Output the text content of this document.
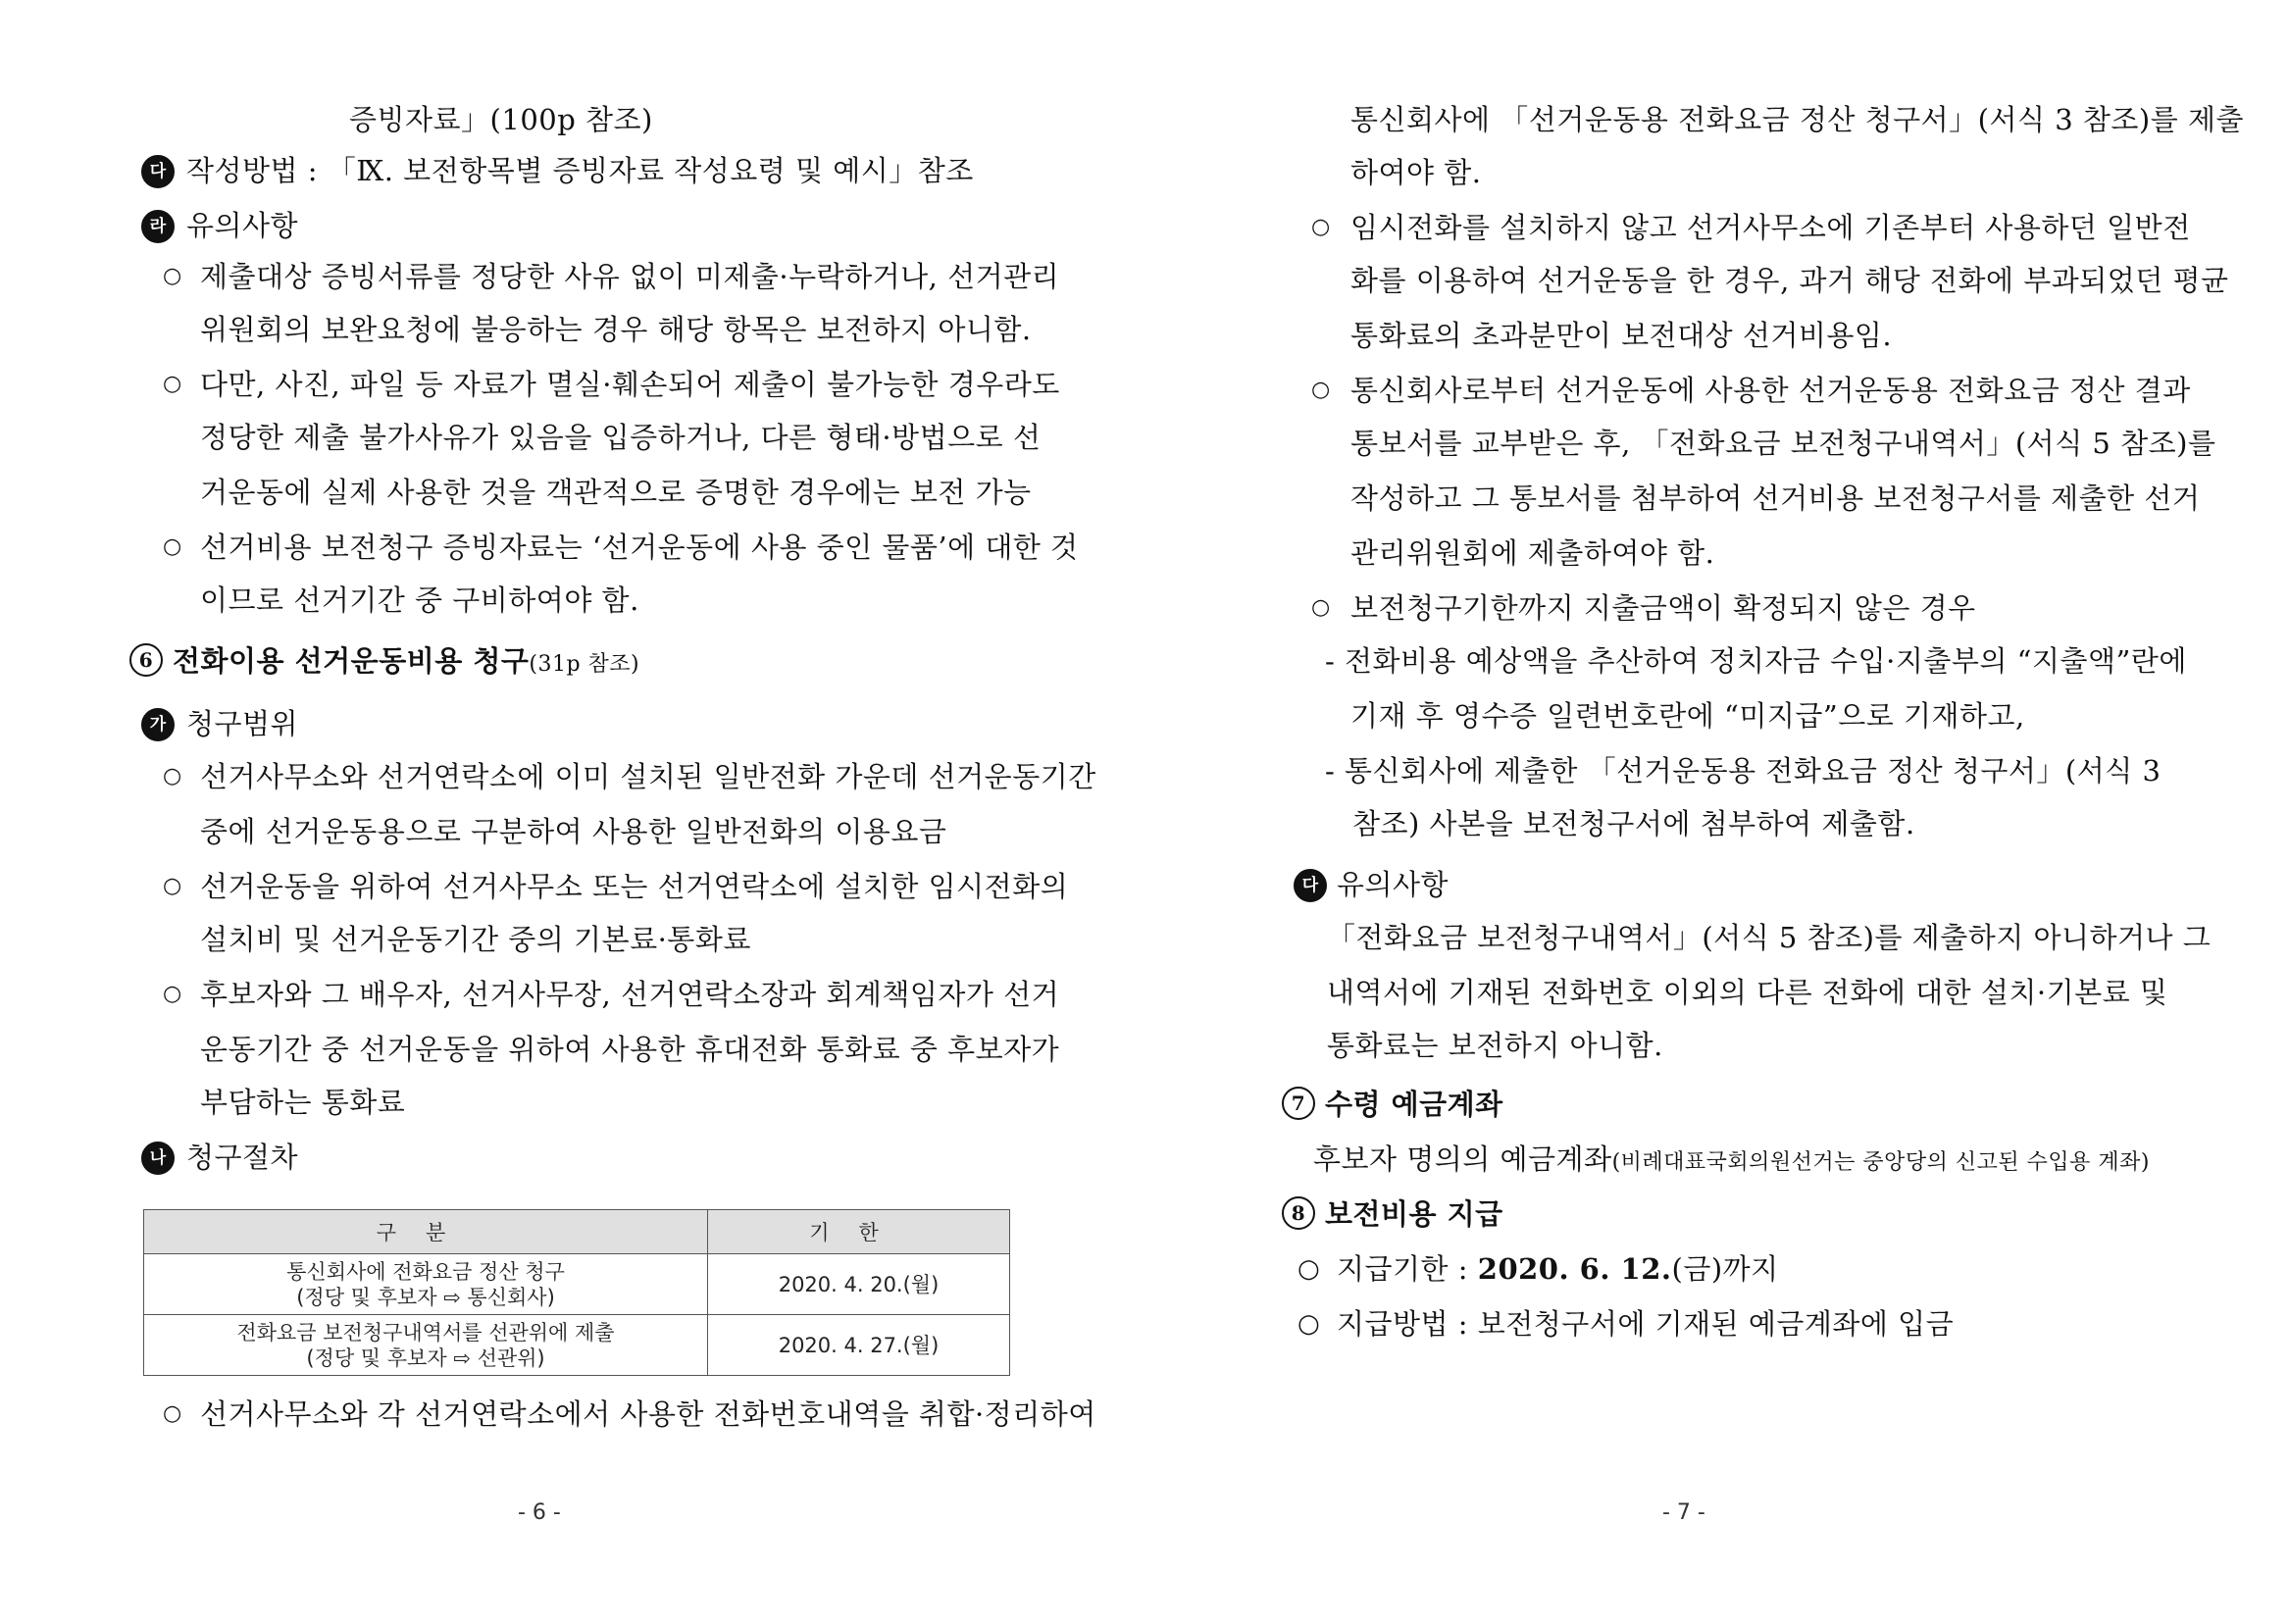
증빙자료」(100p 참조)
다 작성방법 : 「Ⅸ. 보전항목별 증빙자료 작성요령 및 예시」참조
라 유의사항
○ 제출대상 증빙서류를 정당한 사유 없이 미제출·누락하거나, 선거관리
위원회의 보완요청에 불응하는 경우 해당 항목은 보전하지 아니함.
○ 다만, 사진, 파일 등 자료가 멸실·훼손되어 제출이 불가능한 경우라도
정당한 제출 불가사유가 있음을 입증하거나, 다른 형태·방법으로 선
거운동에 실제 사용한 것을 객관적으로 증명한 경우에는 보전 가능
○ 선거비용 보전청구 증빙자료는 ‘선거운동에 사용 중인 물품’에 대한 것
이므로 선거기간 중 구비하여야 함.
6 전화이용 선거운동비용 청구(31p 참조)
가 청구범위
○ 선거사무소와 선거연락소에 이미 설치된 일반전화 가운데 선거운동기간
중에 선거운동용으로 구분하여 사용한 일반전화의 이용요금
○ 선거운동을 위하여 선거사무소 또는 선거연락소에 설치한 임시전화의
설치비 및 선거운동기간 중의 기본료·통화료
○ 후보자와 그 배우자, 선거사무장, 선거연락소장과 회계책임자가 선거
운동기간 중 선거운동을 위하여 사용한 휴대전화 통화료 중 후보자가
부담하는 통화료
나 청구절차
구분	기한

통신회사에 전화요금 정산 청구
(정당 및 후보자 ⇨ 통신회사)	2020. 4. 20.(월)

전화요금 보전청구내역서를 선관위에 제출
(정당 및 후보자 ⇨ 선관위)	2020. 4. 27.(월)
○ 선거사무소와 각 선거연락소에서 사용한 전화번호내역을 취합·정리하여
- 6 -
통신회사에 「선거운동용 전화요금 정산 청구서」(서식 3 참조)를 제출
하여야 함.
○ 임시전화를 설치하지 않고 선거사무소에 기존부터 사용하던 일반전
화를 이용하여 선거운동을 한 경우, 과거 해당 전화에 부과되었던 평균
통화료의 초과분만이 보전대상 선거비용임.
○ 통신회사로부터 선거운동에 사용한 선거운동용 전화요금 정산 결과
통보서를 교부받은 후, 「전화요금 보전청구내역서」(서식 5 참조)를
작성하고 그 통보서를 첨부하여 선거비용 보전청구서를 제출한 선거
관리위원회에 제출하여야 함.
○ 보전청구기한까지 지출금액이 확정되지 않은 경우
- 전화비용 예상액을 추산하여 정치자금 수입·지출부의 “지출액”란에
기재 후 영수증 일련번호란에 “미지급”으로 기재하고,
- 통신회사에 제출한 「선거운동용 전화요금 정산 청구서」(서식 3
참조) 사본을 보전청구서에 첨부하여 제출함.
다 유의사항
「전화요금 보전청구내역서」(서식 5 참조)를 제출하지 아니하거나 그
내역서에 기재된 전화번호 이외의 다른 전화에 대한 설치·기본료 및
통화료는 보전하지 아니함.
7 수령 예금계좌
후보자 명의의 예금계좌(비례대표국회의원선거는 중앙당의 신고된 수입용 계좌)
8 보전비용 지급
○ 지급기한 : 2020. 6. 12.(금)까지
○ 지급방법 : 보전청구서에 기재된 예금계좌에 입금
- 7 -
